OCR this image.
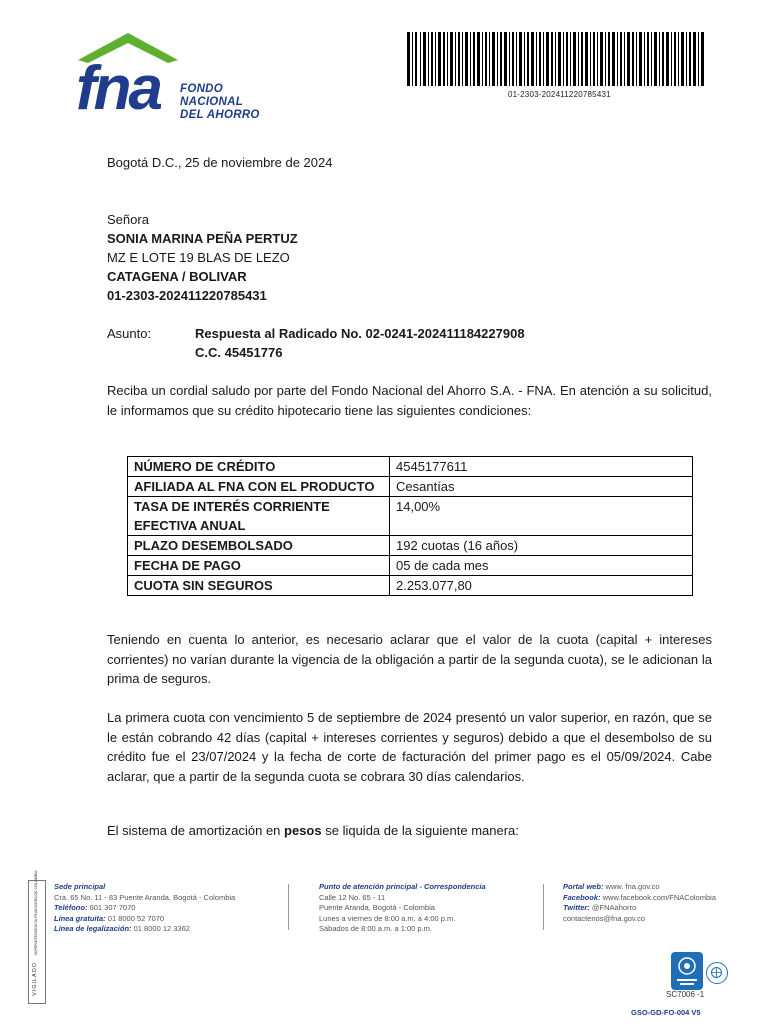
fna FONDO
NACIONAL
DEL AHORRO
01-2303-202411220785431
Bogotá D.C., 25 de noviembre de 2024
Señora
SONIA MARINA PEÑA PERTUZ
MZ E LOTE 19 BLAS DE LEZO
CATAGENA / BOLIVAR
01-2303-202411220785431
Asunto:	Respuesta al Radicado No. 02-0241-202411184227908
C.C. 45451776
Reciba un cordial saludo por parte del Fondo Nacional del Ahorro S.A. - FNA. En atención a su solicitud, le informamos que su crédito hipotecario tiene las siguientes condiciones:
NÚMERO DE CRÉDITO	4545177611
AFILIADA AL FNA CON EL PRODUCTO	Cesantías
TASA DE INTERÉS CORRIENTE EFECTIVA ANUAL	14,00%
PLAZO DESEMBOLSADO	192 cuotas (16 años)
FECHA DE PAGO	05 de cada mes
CUOTA SIN SEGUROS	2.253.077,80
Teniendo en cuenta lo anterior, es necesario aclarar que el valor de la cuota (capital + intereses corrientes) no varían durante la vigencia de la obligación a partir de la segunda cuota), se le adicionan la prima de seguros.
La primera cuota con vencimiento 5 de septiembre de 2024 presentó un valor superior, en razón, que se le están cobrando 42 días (capital + intereses corrientes y seguros) debido a que el desembolso de su crédito fue el 23/07/2024 y la fecha de corte de facturación del primer pago es el 05/09/2024. Cabe aclarar, que a partir de la segunda cuota se cobrara 30 días calendarios.
El sistema de amortización en pesos se liquida de la siguiente manera:
VIGILADO
SUPERINTENDENCIA FINANCIERA DE COLOMBIA Sede principal
Cra. 65 No. 11 - 83 Puente Aranda, Bogotá - Colombia
Teléfono: 601 307 7070
Línea gratuita: 01 8000 52 7070
Línea de legalización: 01 8000 12 3362
Punto de atención principal - Correspondencia
Calle 12 No. 65 - 11
Puente Aranda, Bogotá - Colombia
Lunes a viernes de 8:00 a.m. a 4:00 p.m.
Sábados de 8:00 a.m. a 1:00 p.m.
Portal web: www. fna.gov.co
Facebook: www.facebook.com/FNAColombia
Twitter: @FNAahorro
contactenos@fna.gov.co
SC7006 -1
GSO-GD-FO-004 V5
